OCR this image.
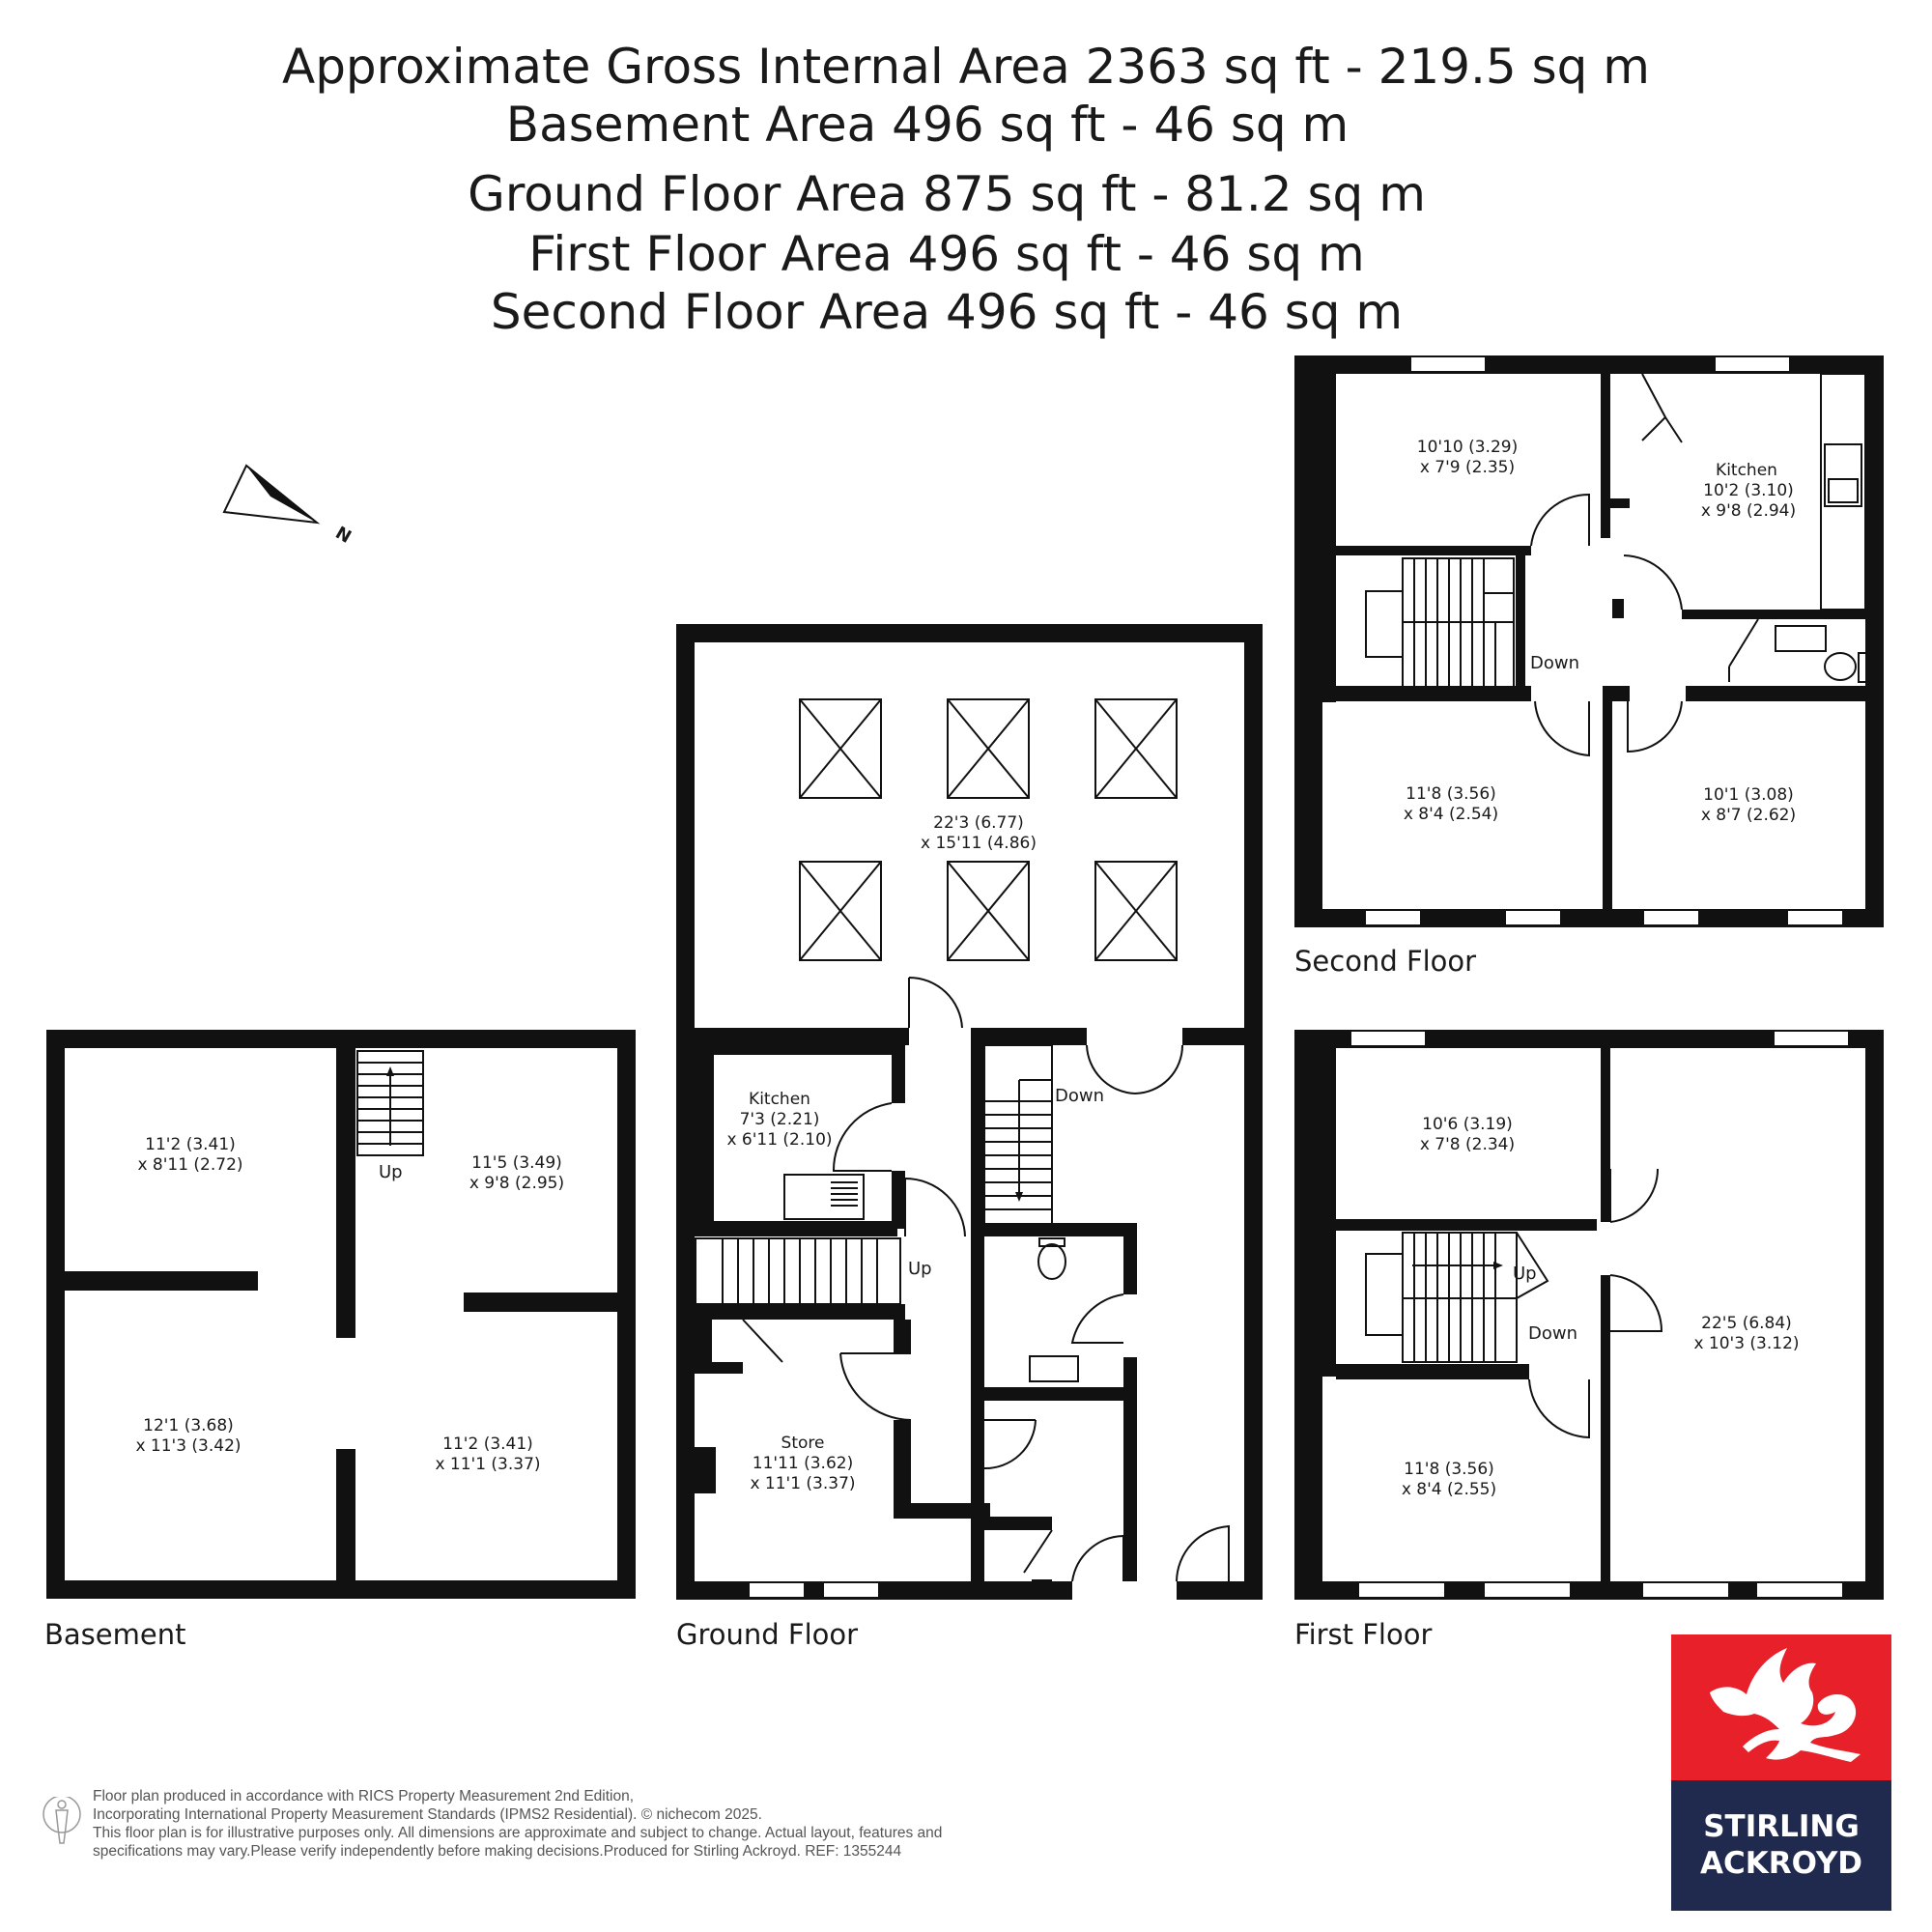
Approximate Gross Internal Area 2363 sq ft - 219.5 sq m
Basement Area 496 sq ft - 46 sq m
Ground Floor Area 875 sq ft - 81.2 sq m
First Floor Area 496 sq ft - 46 sq m
Second Floor Area 496 sq ft - 46 sq m
N
Up
11'2 (3.41)
x 8'11 (2.72)	11'5 (3.49)
x 9'8 (2.95)
12'1 (3.68)
x 11'3 (3.42)	11'2 (3.41)
x 11'1 (3.37)
22'3 (6.77)
x 15'11 (4.86)
Kitchen
7'3 (2.21)
x 6'11 (2.10)
Up
Store
11'11 (3.62)
x 11'1 (3.37)
Down
Down
10'10 (3.29)
x 7'9 (2.35)	Kitchen
10'2 (3.10)
x 9'8 (2.94)
11'8 (3.56)
x 8'4 (2.54)
10'1 (3.08)
x 8'7 (2.62)
Up
Down
10'6 (3.19)
x 7'8 (2.34)
22'5 (6.84)
x 10'3 (3.12)
11'8 (3.56)
x 8'4 (2.55)
Second Floor
Basement	Ground Floor	First Floor
Floor plan produced in accordance with RICS Property Measurement 2nd Edition,
Incorporating International Property Measurement Standards (IPMS2 Residential). © nichecom 2025.
This floor plan is for illustrative purposes only. All dimensions are approximate and subject to change. Actual layout, features and
specifications may vary.Please verify independently before making decisions.Produced for Stirling Ackroyd. REF: 1355244
STIRLING
ACKROYD
